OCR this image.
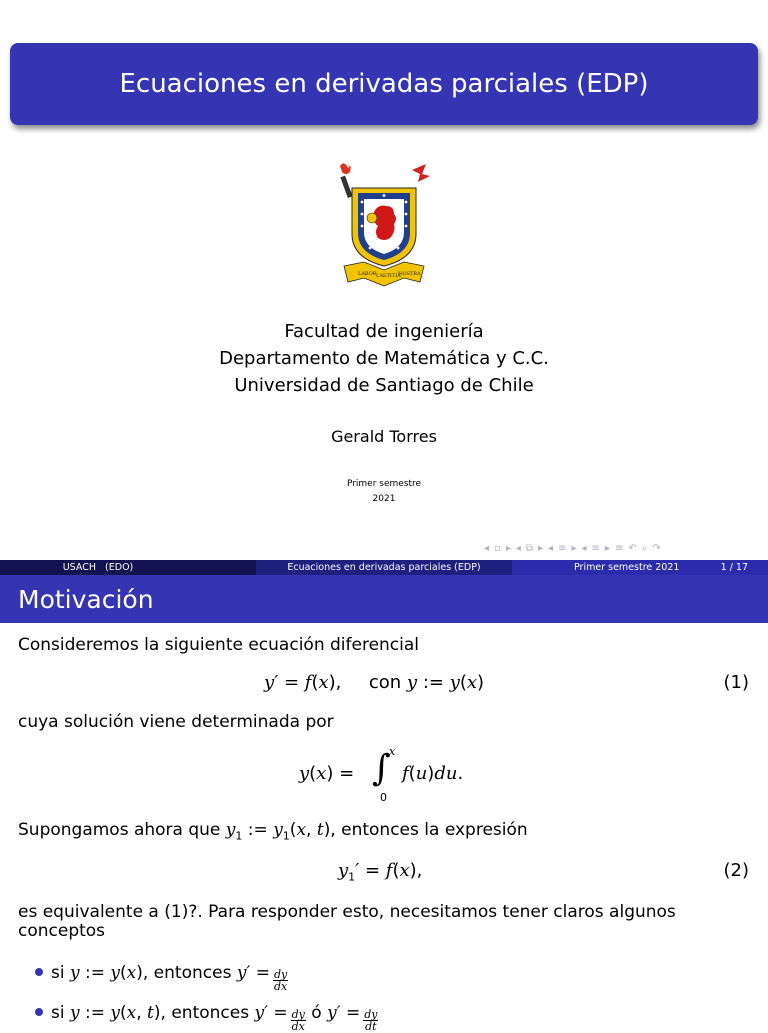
Ecuaciones en derivadas parciales (EDP)
LABOR LAETITIA
NOSTRA
Facultad de ingeniería
Departamento de Matemática y C.C.
Universidad de Santiago de Chile
Gerald Torres
Primer semestre
2021
◂ ▫ ▸ ◂ ⧉ ▸ ◂ ≡ ▸ ◂ ≡ ▸ ≡ ↶ ⌕ ↷
USACH   (EDO)	Ecuaciones en derivadas parciales (EDP)	Primer semestre 2021	1 / 17
Motivación
Consideremos la siguiente ecuación diferencial
y′ = f(x), con y := y(x)	(1)
cuya solución viene determinada por
y(x) = ∫
x
0
f(u)du.
Supongamos ahora que $y_1$ := $y_1(x$, t), entonces la expresión
$y_1' = f(x)$,	(2)
es equivalente a (1)?. Para responder esto, necesitamos tener claros algunos
conceptos
si y := y ( x ) , entonces $y' = \frac{dy}{dx}$
si y := y ( x , t ) , entonces $y' = \frac{dy}{dx}$
ó $y' = \frac{dy}{dt}$
